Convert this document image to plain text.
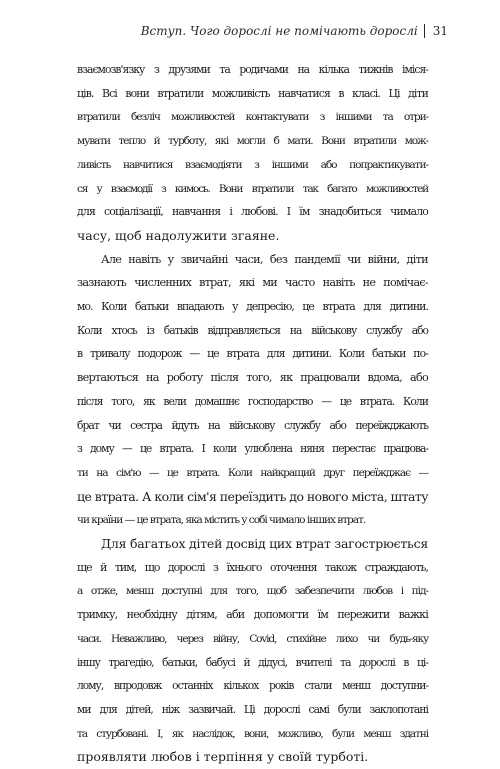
Вступ. Чого дорослі не помічають дорослі 31

взаємозв'язку з друзями та родичами на кілька тижнів іміся-
ців. Всі вони втратили можливість навчатися в класі. Ці діти
втратили безліч можливостей контактувати з іншими та отри-
мувати тепло й турботу, які могли б мати. Вони втратили мож-
ливість навчитися взаємодіяти з іншими або попрактикувати-
ся у взаємодії з кимось. Вони втратили так багато можливостей
для соціалізації, навчання і любові. І їм знадобиться чимало
часу, щоб надолужити згаяне.

Але навіть у звичайні часи, без пандемії чи війни, діти
зазнають численних втрат, які ми часто навіть не помічає-
мо. Коли батьки впадають у депресію, це втрата для дитини.
Коли хтось із батьків відправляється на військову службу або
в тривалу подорож — це втрата для дитини. Коли батьки по-
вертаються на роботу після того, як працювали вдома, або
після того, як вели домашнє господарство — це втрата. Коли
брат чи сестра йдуть на військову службу або переїжджають
з дому — це втрата. І коли улюблена няня перестає працюва-
ти на сім'ю — це втрата. Коли найкращий друг переїжджає —
це втрата. А коли сім'я переїздить до нового міста, штату
чи країни — це втрата, яка містить у собі чимало інших втрат.

Для багатьох дітей досвід цих втрат загострюється
ще й тим, що дорослі з їхнього оточення також страждають,
а отже, менш доступні для того, щоб забезпечити любов і під-
тримку, необхідну дітям, аби допомогти їм пережити важкі
часи. Неважливо, через війну, Covid, стихійне лихо чи будь-яку
іншу трагедію, батьки, бабусі й дідусі, вчителі та дорослі в ці-
лому, впродовж останніх кількох років стали менш доступни-
ми для дітей, ніж зазвичай. Ці дорослі самі були заклопотані
та стурбовані. І, як наслідок, вони, можливо, були менш здатні
проявляти любов і терпіння у своїй турботі.
